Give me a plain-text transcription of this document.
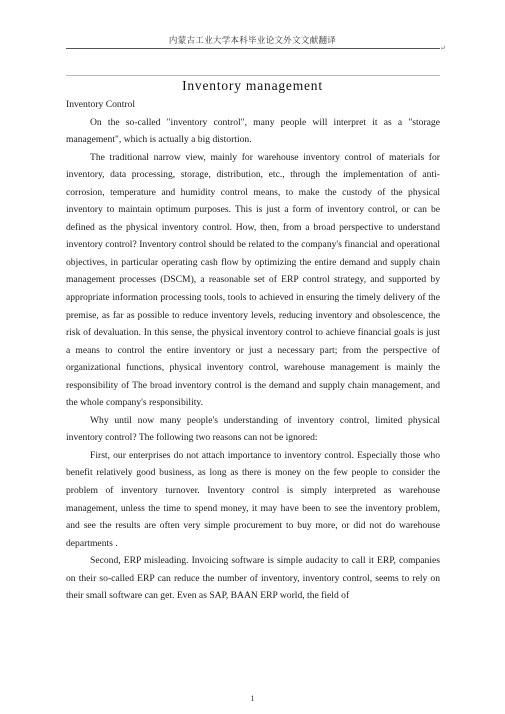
内蒙古工业大学本科毕业论文外文文献翻译
↵
Inventory management

Inventory Control

On the so-called "inventory control", many people will interpret it as a "storage management", which is actually a big distortion.

The traditional narrow view, mainly for warehouse inventory control of materials for inventory, data processing, storage, distribution, etc., through the implementation of anti-corrosion, temperature and humidity control means, to make the custody of the physical inventory to maintain optimum purposes. This is just a form of inventory control, or can be defined as the physical inventory control. How, then, from a broad perspective to understand inventory control? Inventory control should be related to the company's financial and operational objectives, in particular operating cash flow by optimizing the entire demand and supply chain management processes (DSCM), a reasonable set of ERP control strategy, and supported by appropriate information processing tools, tools to achieved in ensuring the timely delivery of the premise, as far as possible to reduce inventory levels, reducing inventory and obsolescence, the risk of devaluation. In this sense, the physical inventory control to achieve financial goals is just a means to control the entire inventory or just a necessary part; from the perspective of organizational functions, physical inventory control, warehouse management is mainly the responsibility of The broad inventory control is the demand and supply chain management, and the whole company's responsibility.

Why until now many people's understanding of inventory control, limited physical inventory control? The following two reasons can not be ignored:

First, our enterprises do not attach importance to inventory control. Especially those who benefit relatively good business, as long as there is money on the few people to consider the problem of inventory turnover. Inventory control is simply interpreted as warehouse management, unless the time to spend money, it may have been to see the inventory problem, and see the results are often very simple procurement to buy more, or did not do warehouse departments .

Second, ERP misleading. Invoicing software is simple audacity to call it ERP, companies on their so-called ERP can reduce the number of inventory, inventory control, seems to rely on their small software can get. Even as SAP, BAAN ERP world, the field of

1
